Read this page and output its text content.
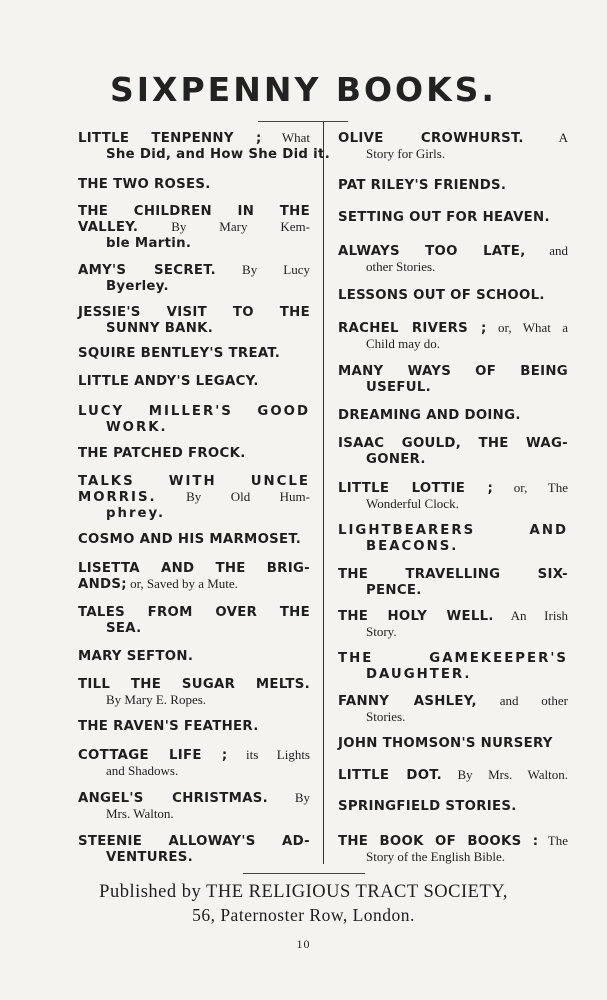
SIXPENNY BOOKS.
LITTLE TENPENNY ; What
She Did, and How She Did it.
THE TWO ROSES.
THE CHILDREN IN THE
VALLEY. By Mary Kem-
ble Martin.
AMY'S SECRET. By Lucy
Byerley.
JESSIE'S VISIT TO THE
SUNNY BANK.
SQUIRE BENTLEY'S TREAT.
LITTLE ANDY'S LEGACY.
LUCY MILLER'S GOOD
WORK.
THE PATCHED FROCK.
TALKS WITH UNCLE
MORRIS. By Old Hum-
phrey.
COSMO AND HIS MARMOSET.
LISETTA AND THE BRIG-
ANDS; or, Saved by a Mute.
TALES FROM OVER THE
SEA.
MARY SEFTON.
TILL THE SUGAR MELTS.
By Mary E. Ropes.
THE RAVEN'S FEATHER.
COTTAGE LIFE ; its Lights
and Shadows.
ANGEL'S CHRISTMAS. By
Mrs. Walton.
STEENIE ALLOWAY'S AD-
VENTURES.
OLIVE CROWHURST. A
Story for Girls.
PAT RILEY'S FRIENDS.
SETTING OUT FOR HEAVEN.
ALWAYS TOO LATE, and
other Stories.
LESSONS OUT OF SCHOOL.
RACHEL RIVERS ; or, What a
Child may do.
MANY WAYS OF BEING
USEFUL.
DREAMING AND DOING.
ISAAC GOULD, THE WAG-
GONER.
LITTLE LOTTIE ; or, The
Wonderful Clock.
LIGHTBEARERS AND
BEACONS.
THE TRAVELLING SIX-
PENCE.
THE HOLY WELL. An Irish
Story.
THE GAMEKEEPER'S
DAUGHTER.
FANNY ASHLEY, and other
Stories.
JOHN THOMSON'S NURSERY
LITTLE DOT. By Mrs. Walton.
SPRINGFIELD STORIES.
THE BOOK OF BOOKS : The
Story of the English Bible.
Published by THE RELIGIOUS TRACT SOCIETY,
56, Paternoster Row, London.
10
